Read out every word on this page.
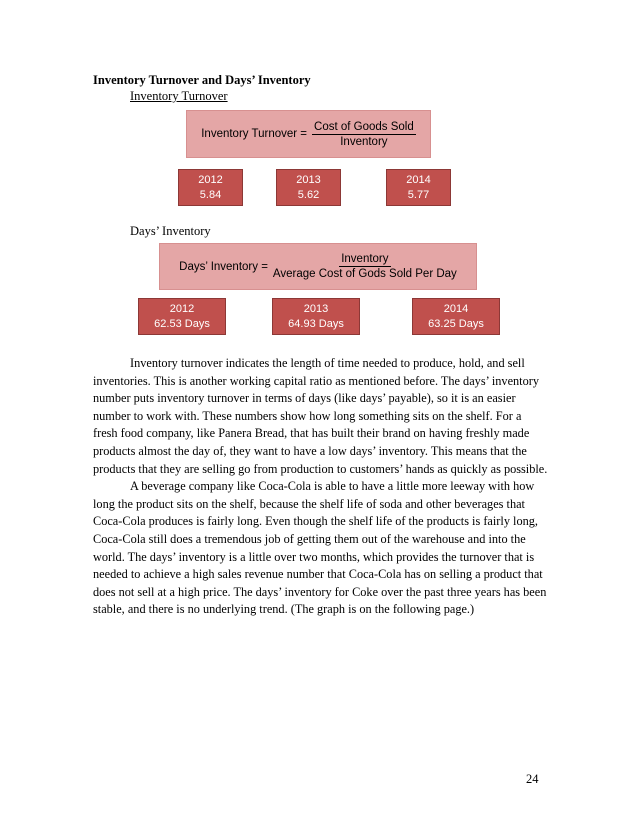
Inventory Turnover and Days’ Inventory
Inventory Turnover
Inventory Turnover = $\frac{\text{Cost of Goods Sold}}{\text{Inventory}}$
2012
5.84
2013
5.62
2014
5.77
Days’ Inventory
Days’ Inventory = $\frac{\text{Inventory}}{\text{Average Cost of Gods Sold Per Day}}$
2012
62.53 Days
2013
64.93 Days
2014
63.25 Days

Inventory turnover indicates the length of time needed to produce, hold, and sell inventories. This is another working capital ratio as mentioned before. The days’ inventory number puts inventory turnover in terms of days (like days’ payable), so it is an easier number to work with. These numbers show how long something sits on the shelf. For a fresh food company, like Panera Bread, that has built their brand on having freshly made products almost the day of, they want to have a low days’ inventory. This means that the products that they are selling go from production to customers’ hands as quickly as possible.

A beverage company like Coca-Cola is able to have a little more leeway with how long the product sits on the shelf, because the shelf life of soda and other beverages that Coca-Cola produces is fairly long. Even though the shelf life of the products is fairly long, Coca-Cola still does a tremendous job of getting them out of the warehouse and into the world. The days’ inventory is a little over two months, which provides the turnover that is needed to achieve a high sales revenue number that Coca-Cola has on selling a product that does not sell at a high price. The days’ inventory for Coke over the past three years has been stable, and there is no underlying trend. (The graph is on the following page.)

24
